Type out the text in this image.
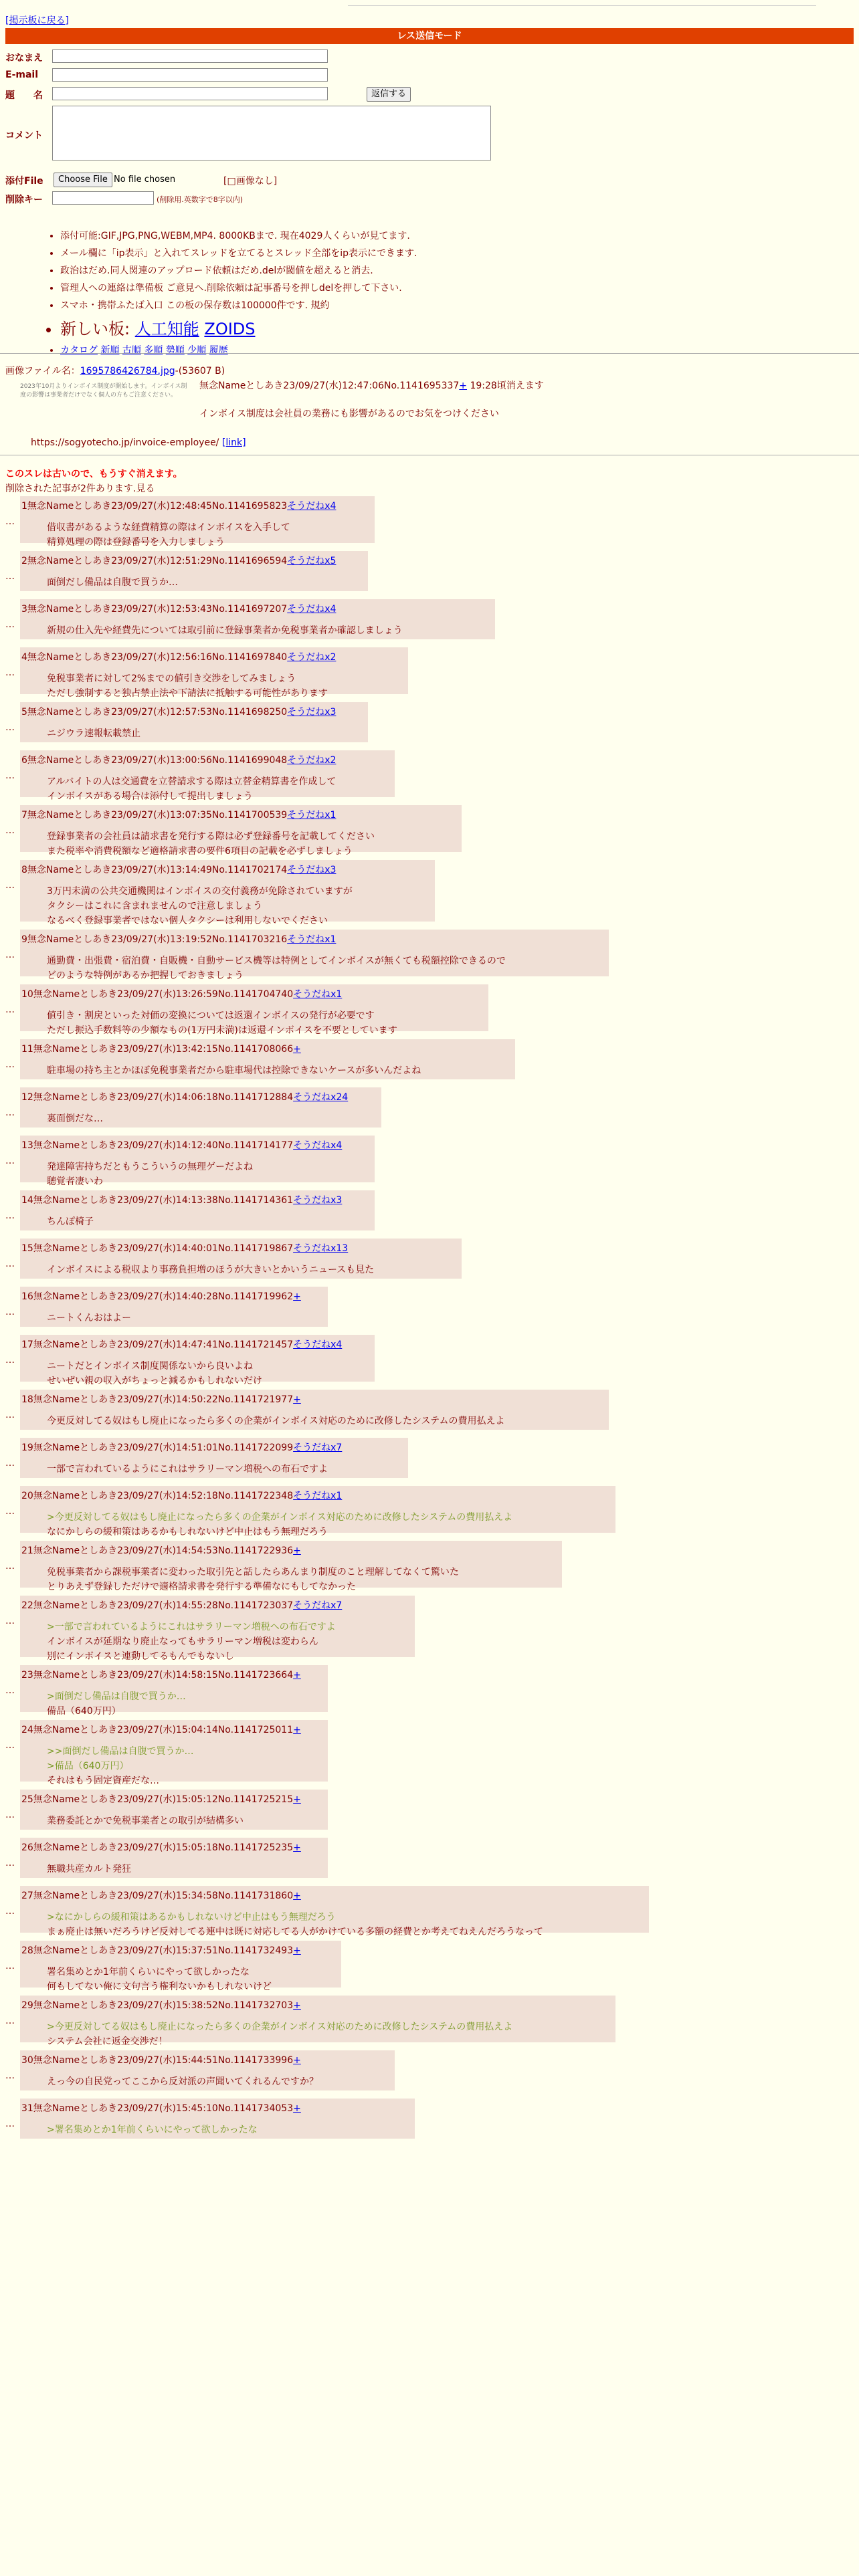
[掲示板に戻る]
レス送信モード
おなまえ
E-mail
題　　名	返信する
コメント
添付File	Choose File No file chosen	[□画像なし]
削除キー	(削除用.英数字で8字以内)
• 添付可能:GIF,JPG,PNG,WEBM,MP4. 8000KBまで. 現在4029人くらいが見てます.
• メール欄に「ip表示」と入れてスレッドを立てるとスレッド全部をip表示にできます.
• 政治はだめ.同人関連のアップロード依頼はだめ.delが閾値を超えると消去.
• 管理人への連絡は準備板 ご意見へ.削除依頼は記事番号を押しdelを押して下さい.
• スマホ・携帯ふたば入口 この板の保存数は100000件です. 規約
• 新しい板: 人工知能 ZOIDS
• カタログ 新順 古順 多順 勢順 少順 履歴
画像ファイル名：1695786426784.jpg-(53607 B)
無念Nameとしあき23/09/27(水)12:47:06No.1141695337+ 19:28頃消えます
インボイス制度は会社員の業務にも影響があるのでお気をつけください
https://sogyotecho.jp/invoice-employee/ [link]
2023年10月よりインボイス制度が開始します。インボイス制度の影響は事業者だけでなく個人の方もご注意ください。
このスレは古いので、もうすぐ消えます。
削除された記事が2件あります.見る
…
1無念Nameとしあき23/09/27(水)12:48:45No.1141695823そうだねx4
借収書があるような経費精算の際はインボイスを入手して
精算処理の際は登録番号を入力しましょう
…
2無念Nameとしあき23/09/27(水)12:51:29No.1141696594そうだねx5
面倒だし備品は自腹で買うか…
…
3無念Nameとしあき23/09/27(水)12:53:43No.1141697207そうだねx4
新規の仕入先や経費先については取引前に登録事業者か免税事業者か確認しましょう
…
4無念Nameとしあき23/09/27(水)12:56:16No.1141697840そうだねx2
免税事業者に対して2%までの値引き交渉をしてみましょう
ただし強制すると独占禁止法や下請法に抵触する可能性があります
…
5無念Nameとしあき23/09/27(水)12:57:53No.1141698250そうだねx3
ニジウラ速報転載禁止
…
6無念Nameとしあき23/09/27(水)13:00:56No.1141699048そうだねx2
アルバイトの人は交通費を立替請求する際は立替金精算書を作成して
インボイスがある場合は添付して提出しましょう
…
7無念Nameとしあき23/09/27(水)13:07:35No.1141700539そうだねx1
登録事業者の会社員は請求書を発行する際は必ず登録番号を記載してください
また税率や消費税額など適格請求書の要件6項目の記載を必ずしましょう
…
8無念Nameとしあき23/09/27(水)13:14:49No.1141702174そうだねx3
3万円未満の公共交通機関はインボイスの交付義務が免除されていますが
タクシーはこれに含まれませんので注意しましょう
なるべく登録事業者ではない個人タクシーは利用しないでください
…
9無念Nameとしあき23/09/27(水)13:19:52No.1141703216そうだねx1
通勤費・出張費・宿泊費・自販機・自動サービス機等は特例としてインボイスが無くても税額控除できるので
どのような特例があるか把握しておきましょう
…
10無念Nameとしあき23/09/27(水)13:26:59No.1141704740そうだねx1
値引き・割戻といった対価の変換については返還インボイスの発行が必要です
ただし振込手数料等の少額なもの(1万円未満)は返還インボイスを不要としています
…
11無念Nameとしあき23/09/27(水)13:42:15No.1141708066+
駐車場の持ち主とかほぼ免税事業者だから駐車場代は控除できないケースが多いんだよね
…
12無念Nameとしあき23/09/27(水)14:06:18No.1141712884そうだねx24
裏面倒だな…
…
13無念Nameとしあき23/09/27(水)14:12:40No.1141714177そうだねx4
発達障害持ちだともうこういうの無理ゲーだよね
聴覚者凄いわ
…
14無念Nameとしあき23/09/27(水)14:13:38No.1141714361そうだねx3
ちんぽ椅子
…
15無念Nameとしあき23/09/27(水)14:40:01No.1141719867そうだねx13
インボイスによる税収より事務負担増のほうが大きいとかいうニュースも見た
…
16無念Nameとしあき23/09/27(水)14:40:28No.1141719962+
ニートくんおはよー
…
17無念Nameとしあき23/09/27(水)14:47:41No.1141721457そうだねx4
ニートだとインボイス制度関係ないから良いよね
せいぜい親の収入がちょっと減るかもしれないだけ
…
18無念Nameとしあき23/09/27(水)14:50:22No.1141721977+
今更反対してる奴はもし廃止になったら多くの企業がインボイス対応のために改修したシステムの費用払えよ
…
19無念Nameとしあき23/09/27(水)14:51:01No.1141722099そうだねx7
一部で言われているようにこれはサラリーマン増税への布石ですよ
…
20無念Nameとしあき23/09/27(水)14:52:18No.1141722348そうだねx1
>今更反対してる奴はもし廃止になったら多くの企業がインボイス対応のために改修したシステムの費用払えよ
なにかしらの緩和策はあるかもしれないけど中止はもう無理だろう
…
21無念Nameとしあき23/09/27(水)14:54:53No.1141722936+
免税事業者から課税事業者に変わった取引先と話したらあんまり制度のこと理解してなくて驚いた
とりあえず登録しただけで適格請求書を発行する準備なにもしてなかった
…
22無念Nameとしあき23/09/27(水)14:55:28No.1141723037そうだねx7
>一部で言われているようにこれはサラリーマン増税への布石ですよ
インボイスが延期なり廃止なってもサラリーマン増税は変わらん
別にインボイスと連動してるもんでもないし
…
23無念Nameとしあき23/09/27(水)14:58:15No.1141723664+
>面倒だし備品は自腹で買うか…
備品（640万円）
…
24無念Nameとしあき23/09/27(水)15:04:14No.1141725011+
>>面倒だし備品は自腹で買うか…
>備品（640万円）
それはもう固定資産だな…
…
25無念Nameとしあき23/09/27(水)15:05:12No.1141725215+
業務委託とかで免税事業者との取引が結構多い
…
26無念Nameとしあき23/09/27(水)15:05:18No.1141725235+
無職共産カルト発狂
…
27無念Nameとしあき23/09/27(水)15:34:58No.1141731860+
>なにかしらの緩和策はあるかもしれないけど中止はもう無理だろう
まぁ廃止は無いだろうけど反対してる連中は既に対応してる人がかけている多額の経費とか考えてねえんだろうなって
…
28無念Nameとしあき23/09/27(水)15:37:51No.1141732493+
署名集めとか1年前くらいにやって欲しかったな
何もしてない俺に文句言う権利ないかもしれないけど
…
29無念Nameとしあき23/09/27(水)15:38:52No.1141732703+
>今更反対してる奴はもし廃止になったら多くの企業がインボイス対応のために改修したシステムの費用払えよ
システム会社に返金交渉だ！
…
30無念Nameとしあき23/09/27(水)15:44:51No.1141733996+
えっ今の自民党ってここから反対派の声聞いてくれるんですか？
…
31無念Nameとしあき23/09/27(水)15:45:10No.1141734053+
>署名集めとか1年前くらいにやって欲しかったな
